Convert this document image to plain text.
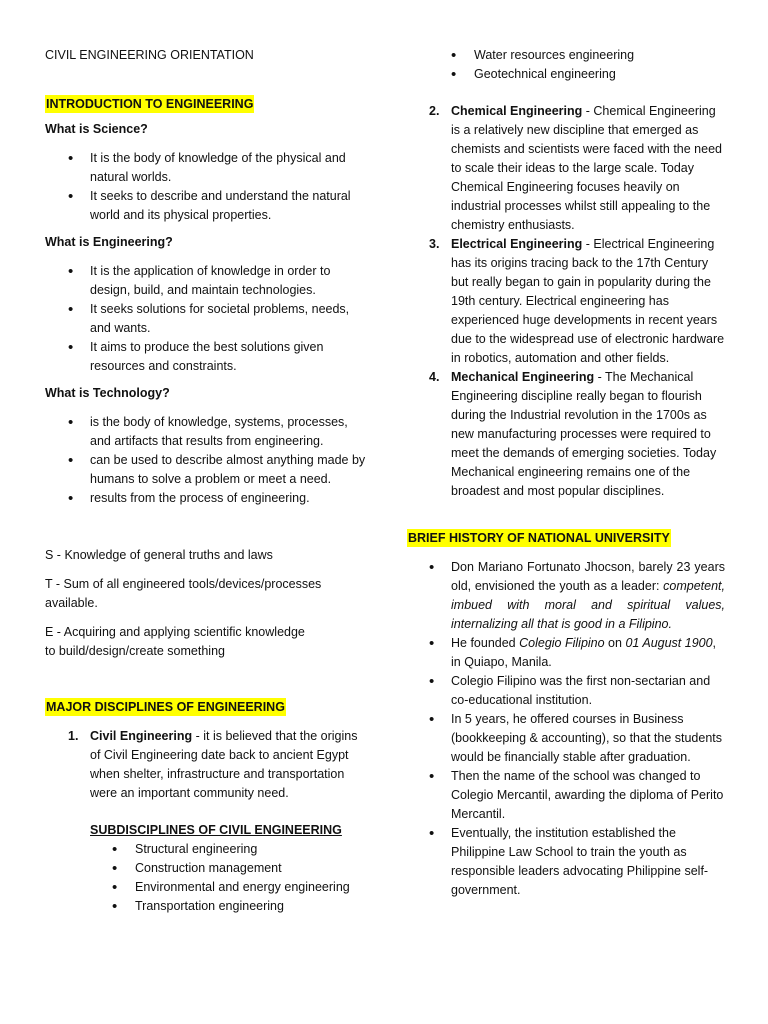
CIVIL ENGINEERING ORIENTATION
INTRODUCTION TO ENGINEERING
What is Science?
• It is the body of knowledge of the physical and natural worlds.
• It seeks to describe and understand the natural world and its physical properties.
What is Engineering?
• It is the application of knowledge in order to design, build, and maintain technologies.
• It seeks solutions for societal problems, needs, and wants.
• It aims to produce the best solutions given resources and constraints.
What is Technology?
• is the body of knowledge, systems, processes, and artifacts that results from engineering.
• can be used to describe almost anything made by humans to solve a problem or meet a need.
• results from the process of engineering.

S - Knowledge of general truths and laws

T - Sum of all engineered tools/devices/processes available.

E - Acquiring and applying scientific knowledge to build/design/create something

MAJOR DISCIPLINES OF ENGINEERING
1. Civil Engineering - it is believed that the origins of Civil Engineering date back to ancient Egypt when shelter, infrastructure and transportation were an important community need.
SUBDISCIPLINES OF CIVIL ENGINEERING
• Structural engineering
• Construction management
• Environmental and energy engineering
• Transportation engineering
• Water resources engineering
• Geotechnical engineering
2. Chemical Engineering - Chemical Engineering is a relatively new discipline that emerged as chemists and scientists were faced with the need to scale their ideas to the large scale. Today Chemical Engineering focuses heavily on industrial processes whilst still appealing to the chemistry enthusiasts.
3. Electrical Engineering - Electrical Engineering has its origins tracing back to the 17th Century but really began to gain in popularity during the 19th century. Electrical engineering has experienced huge developments in recent years due to the widespread use of electronic hardware in robotics, automation and other fields.
4. Mechanical Engineering - The Mechanical Engineering discipline really began to flourish during the Industrial revolution in the 1700s as new manufacturing processes were required to meet the demands of emerging societies. Today Mechanical engineering remains one of the broadest and most popular disciplines.
BRIEF HISTORY OF NATIONAL UNIVERSITY
• Don Mariano Fortunato Jhocson, barely 23 years old, envisioned the youth as a leader: competent, imbued with moral and spiritual values, internalizing all that is good in a Filipino.
• He founded Colegio Filipino on 01 August 1900, in Quiapo, Manila.
• Colegio Filipino was the first non-sectarian and co-educational institution.
• In 5 years, he offered courses in Business (bookkeeping & accounting), so that the students would be financially stable after graduation.
• Then the name of the school was changed to Colegio Mercantil, awarding the diploma of Perito Mercantil.
• Eventually, the institution established the Philippine Law School to train the youth as responsible leaders advocating Philippine self-government.
